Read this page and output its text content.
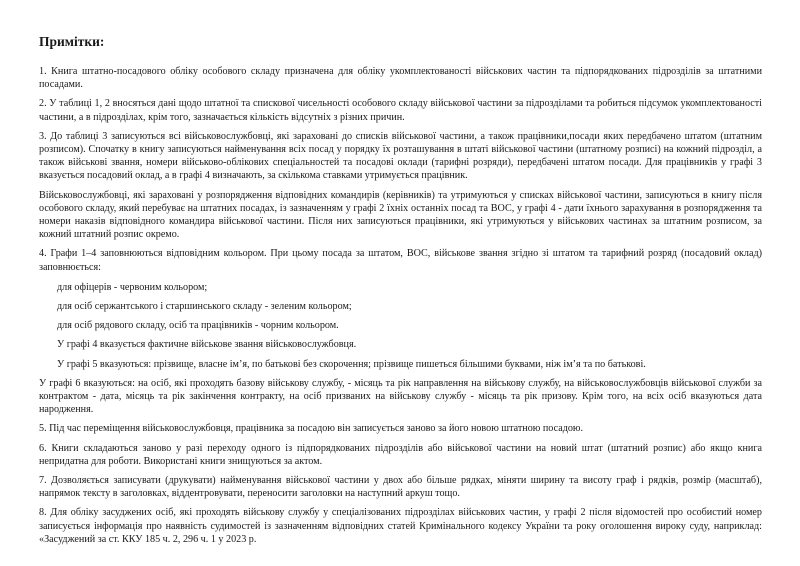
Примітки:

1. Книга штатно-посадового обліку особового складу призначена для обліку укомплектованості військових частин та підпорядкованих підрозділів за штатними посадами.

2. У таблиці 1, 2 вносяться дані щодо штатної та спискової чисельності особового складу військової частини за підрозділами та робиться підсумок укомплектованості частини, а в підрозділах, крім того, зазначається кількість відсутніх з різних причин.

3. До таблиці 3 записуються всі військовослужбовці, які зараховані до списків військової частини, а також працівники,посади яких передбачено штатом (штатним розписом). Спочатку в книгу записуються найменування всіх посад у порядку їх розташування в штаті військової частини (штатному розписі) на кожний підрозділ, а також військові звання, номери військово-облікових спеціальностей та посадові оклади (тарифні розряди), передбачені штатом посади. Для працівників у графі 3 вказується посадовий оклад, а в графі 4 визначають, за скількома ставками утримується працівник.

Військовослужбовці, які зараховані у розпорядження відповідних командирів (керівників) та утримуються у списках військової частини, записуються в книгу після особового складу, який перебуває на штатних посадах, із зазначенням у графі 2 їхніх останніх посад та ВОС, у графі 4 - дати їхнього зарахування в розпорядження та номери наказів відповідного командира військової частини. Після них записуються працівники, які утримуються у військових частинах за штатним розписом, за кожний штатний розпис окремо.

4. Графи 1–4 заповнюються відповідним кольором. При цьому посада за штатом, ВОС, військове звання згідно зі штатом та тарифний розряд (посадовий оклад) заповнюється:

для офіцерів - червоним кольором;
для осіб сержантського і старшинського складу - зеленим кольором;
для осіб рядового складу, осіб та працівників - чорним кольором.

У графі 4 вказується фактичне військове звання військовослужбовця.

У графі 5 вказуються: прізвище, власне ім’я, по батькові без скорочення; прізвище пишеться більшими буквами, ніж ім’я та по батькові.

У графі 6 вказуються: на осіб, які проходять базову військову службу, - місяць та рік направлення на військову службу, на військовослужбовців військової служби за контрактом - дата, місяць та рік закінчення контракту, на осіб призваних на військову службу - місяць та рік призову. Крім того, на всіх осіб вказуються дата народження.

5. Під час переміщення військовослужбовця, працівника за посадою він записується заново за його новою штатною посадою.

6. Книги складаються заново у разі переходу одного із підпорядкованих підрозділів або військової частини на новий штат (штатний розпис) або якщо книга непридатна для роботи. Використані книги знищуються за актом.

7. Дозволяється записувати (друкувати) найменування військової частини у двох або більше рядках, міняти ширину та висоту граф і рядків, розмір (масштаб), напрямок тексту в заголовках, віддентровувати, переносити заголовки на наступний аркуш тощо.

8. Для обліку засуджених осіб, які проходять військову службу у спеціалізованих підрозділах військових частин, у графі 2 після відомостей про особистий номер записується інформація про наявність судимостей із зазначенням відповідних статей Кримінального кодексу України та року оголошення вироку суду, наприклад: «Засуджений за ст. ККУ 185 ч. 2, 296 ч. 1 у 2023 р.
